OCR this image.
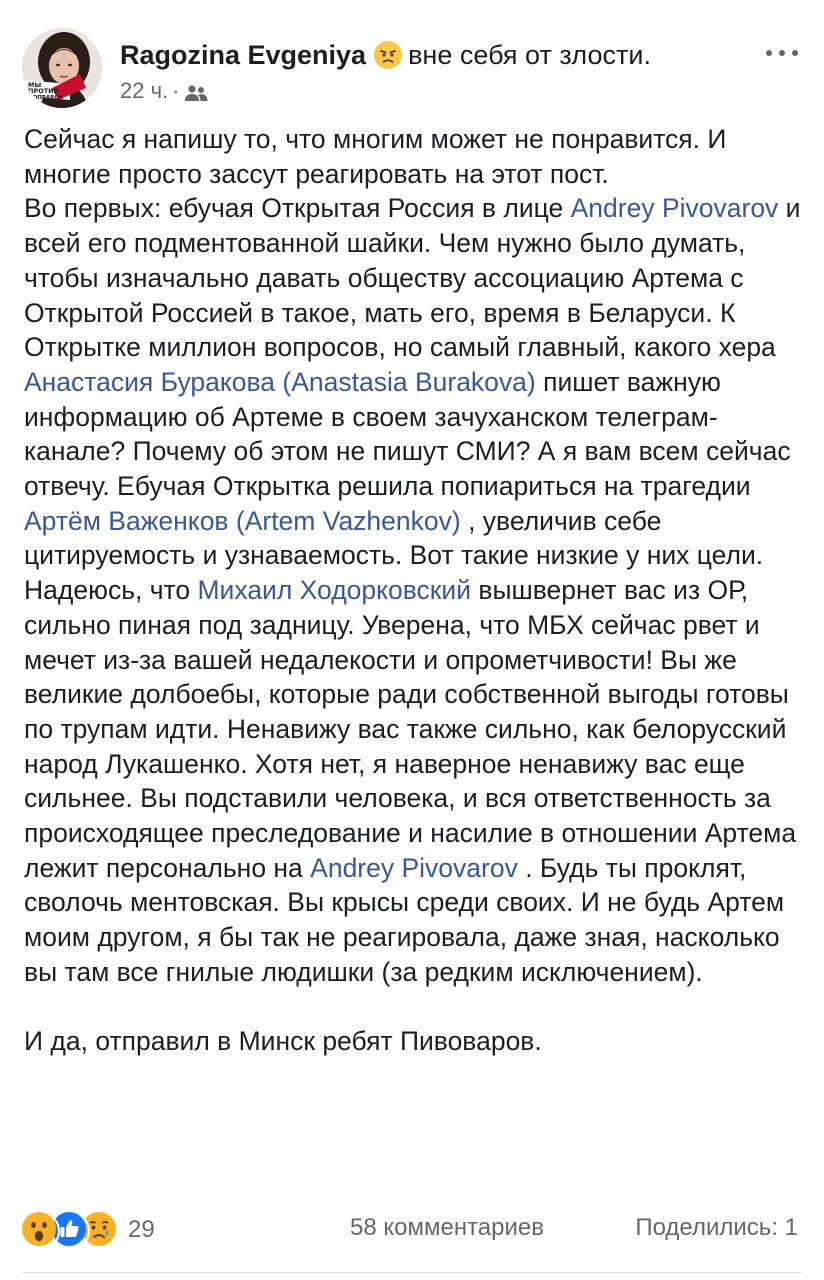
МЫ
ПРОТИВ
ПОПРАВОК
Ragozina Evgeniya вне себя от злости.
22 ч. ·

Сейчас я напишу то, что многим может не понравится. И многие просто зассут реагировать на этот пост.
Во первых: ебучая Открытая Россия в лице Andrey Pivovarov и всей его подментованной шайки. Чем нужно было думать, чтобы изначально давать обществу ассоциацию Артема с Открытой Россией в такое, мать его, время в Беларуси. К Открытке миллион вопросов, но самый главный, какого хера Анастасия Буракова (Anastasia Burakova) пишет важную информацию об Артеме в своем зачуханском телеграм-канале? Почему об этом не пишут СМИ? А я вам всем сейчас отвечу. Ебучая Открытка решила попиариться на трагедии Артём Важенков (Artem Vazhenkov) , увеличив себе цитируемость и узнаваемость. Вот такие низкие у них цели. Надеюсь, что Михаил Ходорковский вышвернет вас из ОР, сильно пиная под задницу. Уверена, что МБХ сейчас рвет и мечет из-за вашей недалекости и опрометчивости! Вы же великие долбоебы, которые ради собственной выгоды готовы по трупам идти. Ненавижу вас также сильно, как белорусский народ Лукашенко. Хотя нет, я наверное ненавижу вас еще сильнее. Вы подставили человека, и вся ответственность за происходящее преследование и насилие в отношении Артема лежит персонально на Andrey Pivovarov . Будь ты проклят, сволочь ментовская. Вы крысы среди своих. И не будь Артем моим другом, я бы так не реагировала, даже зная, насколько вы там все гнилые людишки (за редким исключением).

И да, отправил в Минск ребят Пивоваров.

29	58 комментариев	Поделились: 1
